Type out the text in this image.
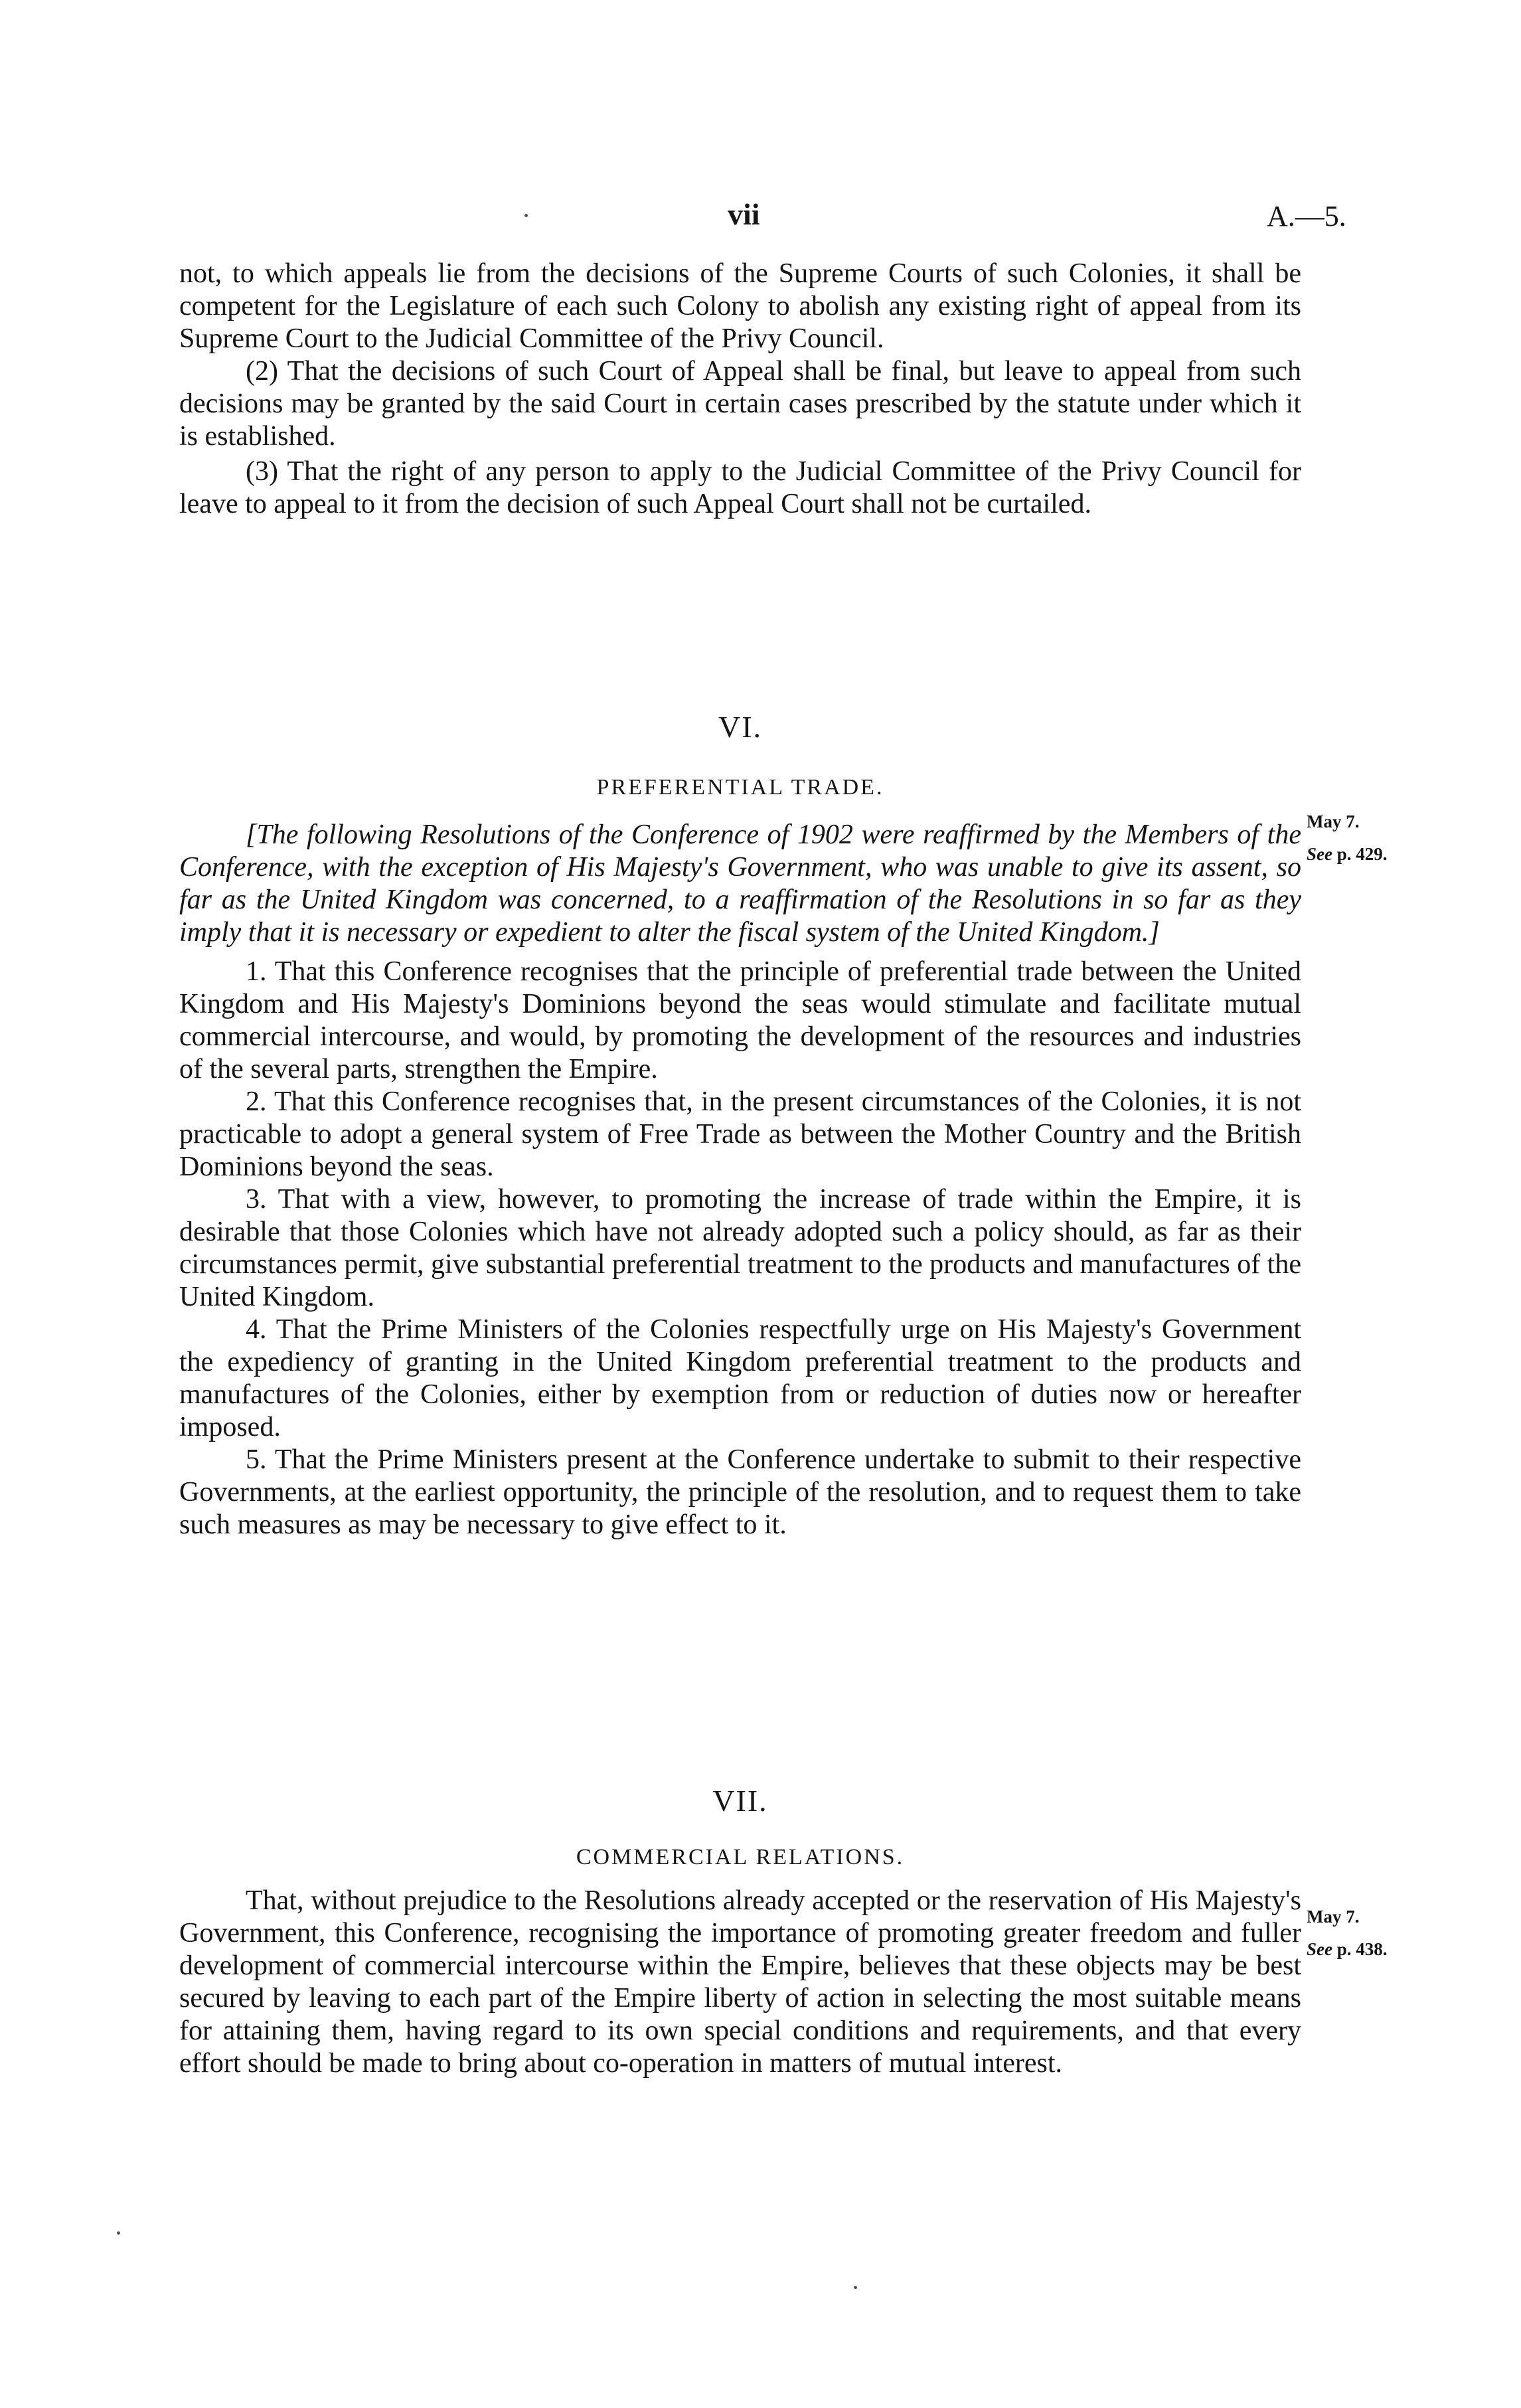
vii	A.—5.

not, to which appeals lie from the decisions of the Supreme Courts of such Colonies, it shall be competent for the Legislature of each such Colony to abolish any existing right of appeal from its Supreme Court to the Judicial Committee of the Privy Council.

(2) That the decisions of such Court of Appeal shall be final, but leave to appeal from such decisions may be granted by the said Court in certain cases prescribed by the statute under which it is established.

(3) That the right of any person to apply to the Judicial Committee of the Privy Council for leave to appeal to it from the decision of such Appeal Court shall not be curtailed.

VI.
PREFERENTIAL TRADE.

[The following Resolutions of the Conference of 1902 were reaffirmed by the Members of the Conference, with the exception of His Majesty's Government, who was unable to give its assent, so far as the United Kingdom was concerned, to a reaffirmation of the Resolutions in so far as they imply that it is necessary or expedient to alter the fiscal system of the United Kingdom.]

1. That this Conference recognises that the principle of preferential trade between the United Kingdom and His Majesty's Dominions beyond the seas would stimulate and facilitate mutual commercial intercourse, and would, by promoting the development of the resources and industries of the several parts, strengthen the Empire.

2. That this Conference recognises that, in the present circumstances of the Colonies, it is not practicable to adopt a general system of Free Trade as between the Mother Country and the British Dominions beyond the seas.

3. That with a view, however, to promoting the increase of trade within the Empire, it is desirable that those Colonies which have not already adopted such a policy should, as far as their circumstances permit, give substantial preferential treatment to the products and manufactures of the United Kingdom.

4. That the Prime Ministers of the Colonies respectfully urge on His Majesty's Government the expediency of granting in the United Kingdom preferential treatment to the products and manufactures of the Colonies, either by exemption from or reduction of duties now or hereafter imposed.

5. That the Prime Ministers present at the Conference undertake to submit to their respective Governments, at the earliest opportunity, the principle of the resolution, and to request them to take such measures as may be necessary to give effect to it.

May 7.
See p. 429.
VII.
COMMERCIAL RELATIONS.

That, without prejudice to the Resolutions already accepted or the reservation of His Majesty's Government, this Conference, recognising the importance of promoting greater freedom and fuller development of commercial intercourse within the Empire, believes that these objects may be best secured by leaving to each part of the Empire liberty of action in selecting the most suitable means for attaining them, having regard to its own special conditions and requirements, and that every effort should be made to bring about co-operation in matters of mutual interest.

May 7.
See p. 438.
